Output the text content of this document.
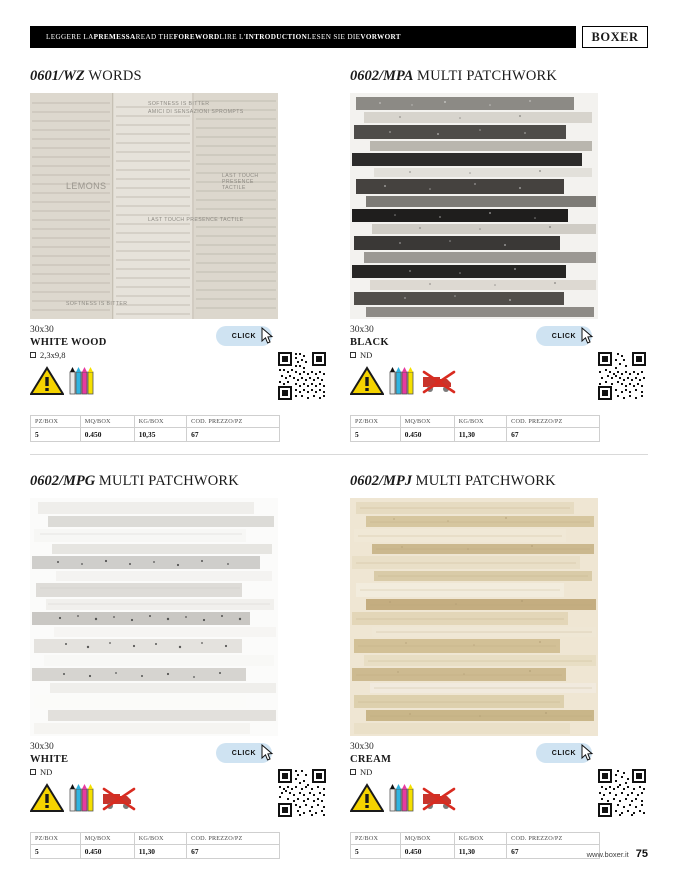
LEGGERE LA PREMESSA READ THE FOREWORD LIRE L' INTRODUCTION LESEN SIE DIE VORWORT	BOXER
0601/WZ WORDS
SOFTNESS IS BITTER
AMICI DI SENSAZIONI SPROMPTS
LEMONS
LAST TOUCH PRESENCE TACTILE
LAST TOUCH PRESENCE TACTILE
SOFTNESS IS BITTER
30x30
WHITE WOOD
2,3x9,8
PZ/BOX	MQ/BOX	KG/BOX	COD. PREZZO/PZ
5	0.450	10,35	67
CLICK
0602/MPA MULTI PATCHWORK
30x30
BLACK
ND
PZ/BOX	MQ/BOX	KG/BOX	COD. PREZZO/PZ
5	0.450	11,30	67
CLICK
0602/MPG MULTI PATCHWORK
30x30
WHITE
ND
PZ/BOX	MQ/BOX	KG/BOX	COD. PREZZO/PZ
5	0.450	11,30	67
CLICK
0602/MPJ MULTI PATCHWORK
30x30
CREAM
ND
PZ/BOX	MQ/BOX	KG/BOX	COD. PREZZO/PZ
5	0.450	11,30	67
CLICK
www.boxer.it 75
